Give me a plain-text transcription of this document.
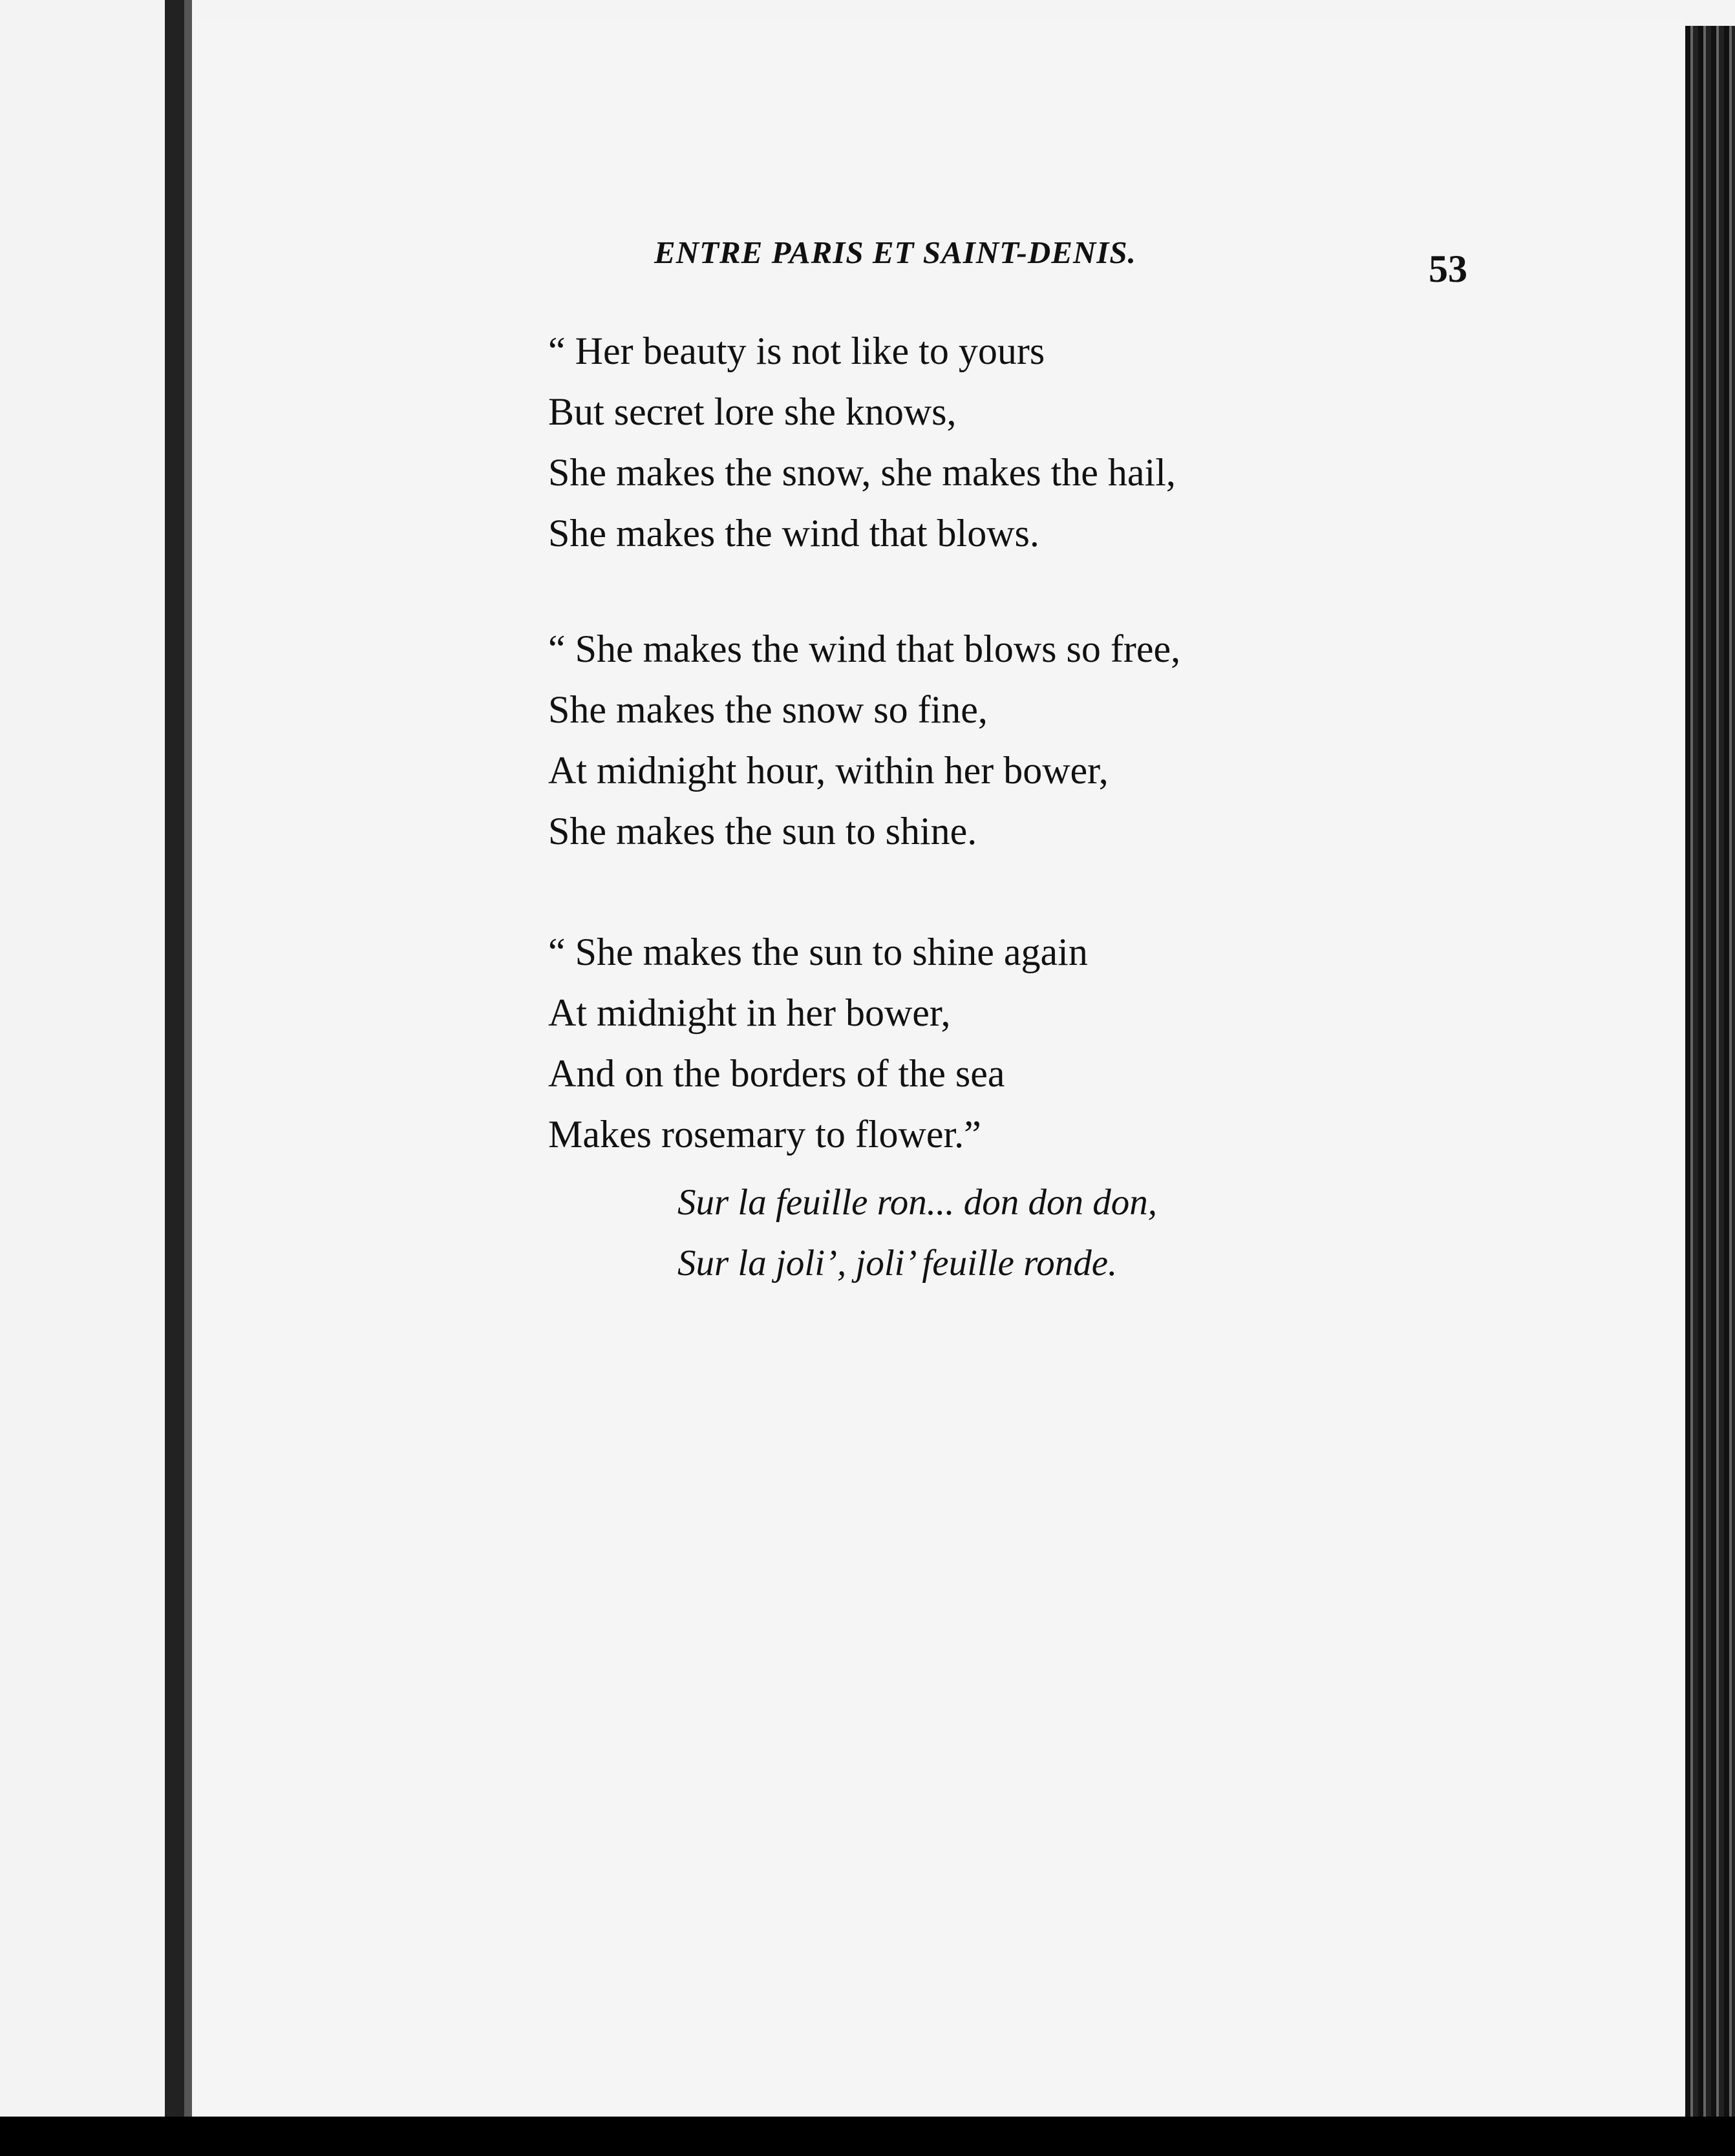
ENTRE PARIS ET SAINT-DENIS.	53
“ Her beauty is not like to yours
But secret lore she knows,
She makes the snow, she makes the hail,
She makes the wind that blows.
“ She makes the wind that blows so free,
She makes the snow so fine,
At midnight hour, within her bower,
She makes the sun to shine.
“ She makes the sun to shine again
At midnight in her bower,
And on the borders of the sea
Makes rosemary to flower.”
Sur la feuille ron... don don don,
Sur la joli’, joli’ feuille ronde.
